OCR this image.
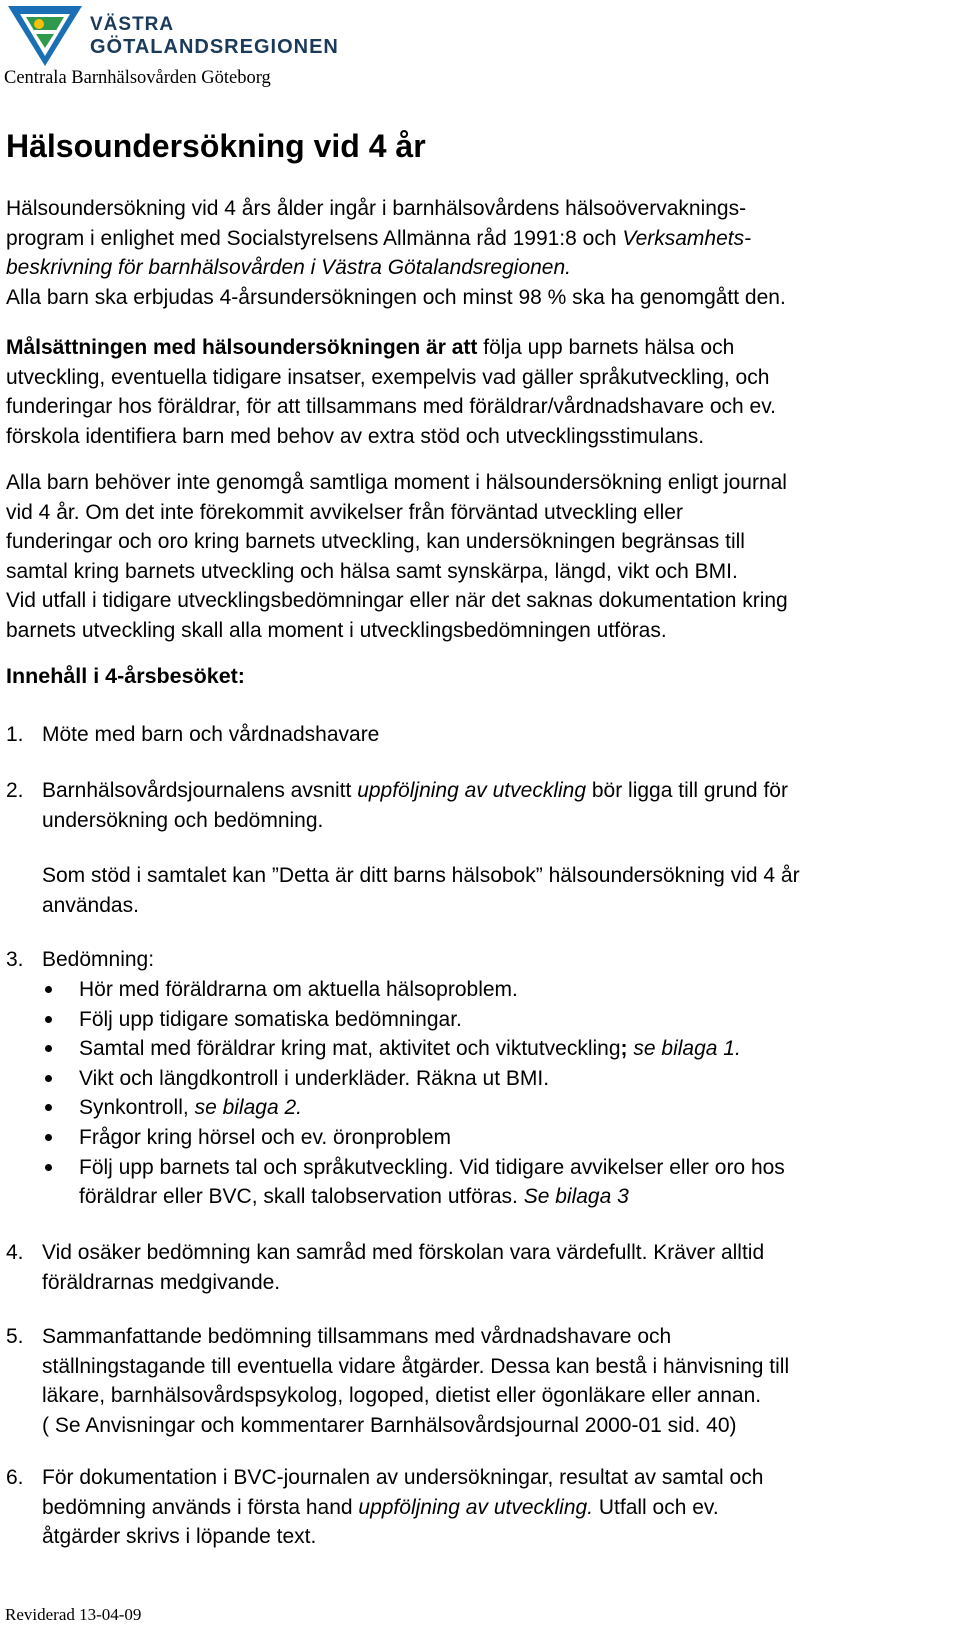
VÄSTRA
GÖTALANDSREGIONEN
Centrala Barnhälsovården Göteborg
Hälsoundersökning vid 4 år

Hälsoundersökning vid 4 års ålder ingår i barnhälsovårdens hälsoövervaknings-

program i enlighet med Socialstyrelsens Allmänna råd 1991:8 och Verksamhets-

beskrivning för barnhälsovården i Västra Götalandsregionen.

Alla barn ska erbjudas 4-årsundersökningen och minst 98 % ska ha genomgått den.

Målsättningen med hälsoundersökningen är att följa upp barnets hälsa och

utveckling, eventuella tidigare insatser, exempelvis vad gäller språkutveckling, och

funderingar hos föräldrar, för att tillsammans med föräldrar/vårdnadshavare och ev.

förskola identifiera barn med behov av extra stöd och utvecklingsstimulans.

Alla barn behöver inte genomgå samtliga moment i hälsoundersökning enligt journal

vid 4 år. Om det inte förekommit avvikelser från förväntad utveckling eller

funderingar och oro kring barnets utveckling, kan undersökningen begränsas till

samtal kring barnets utveckling och hälsa samt synskärpa, längd, vikt och BMI.

Vid utfall i tidigare utvecklingsbedömningar eller när det saknas dokumentation kring

barnets utveckling skall alla moment i utvecklingsbedömningen utföras.

Innehåll i 4-årsbesöket:
1. Möte med barn och vårdnadshavare

2. Barnhälsovårdsjournalens avsnitt uppföljning av utveckling bör ligga till grund för

undersökning och bedömning.

Som stöd i samtalet kan ”Detta är ditt barns hälsobok” hälsoundersökning vid 4 år

användas.

3. Bedömning:

Hör med föräldrarna om aktuella hälsoproblem.

Följ upp tidigare somatiska bedömningar.

Samtal med föräldrar kring mat, aktivitet och viktutveckling; se bilaga 1.

Vikt och längdkontroll i underkläder. Räkna ut BMI.

Synkontroll, se bilaga 2.

Frågor kring hörsel och ev. öronproblem

Följ upp barnets tal och språkutveckling. Vid tidigare avvikelser eller oro hos

föräldrar eller BVC, skall talobservation utföras. Se bilaga 3

4. Vid osäker bedömning kan samråd med förskolan vara värdefullt. Kräver alltid

föräldrarnas medgivande.

5. Sammanfattande bedömning tillsammans med vårdnadshavare och

ställningstagande till eventuella vidare åtgärder. Dessa kan bestå i hänvisning till

läkare, barnhälsovårdspsykolog, logoped, dietist eller ögonläkare eller annan.

( Se Anvisningar och kommentarer Barnhälsovårdsjournal 2000-01 sid. 40)

6. För dokumentation i BVC-journalen av undersökningar, resultat av samtal och

bedömning används i första hand uppföljning av utveckling. Utfall och ev.

åtgärder skrivs i löpande text.

Reviderad 13-04-09
